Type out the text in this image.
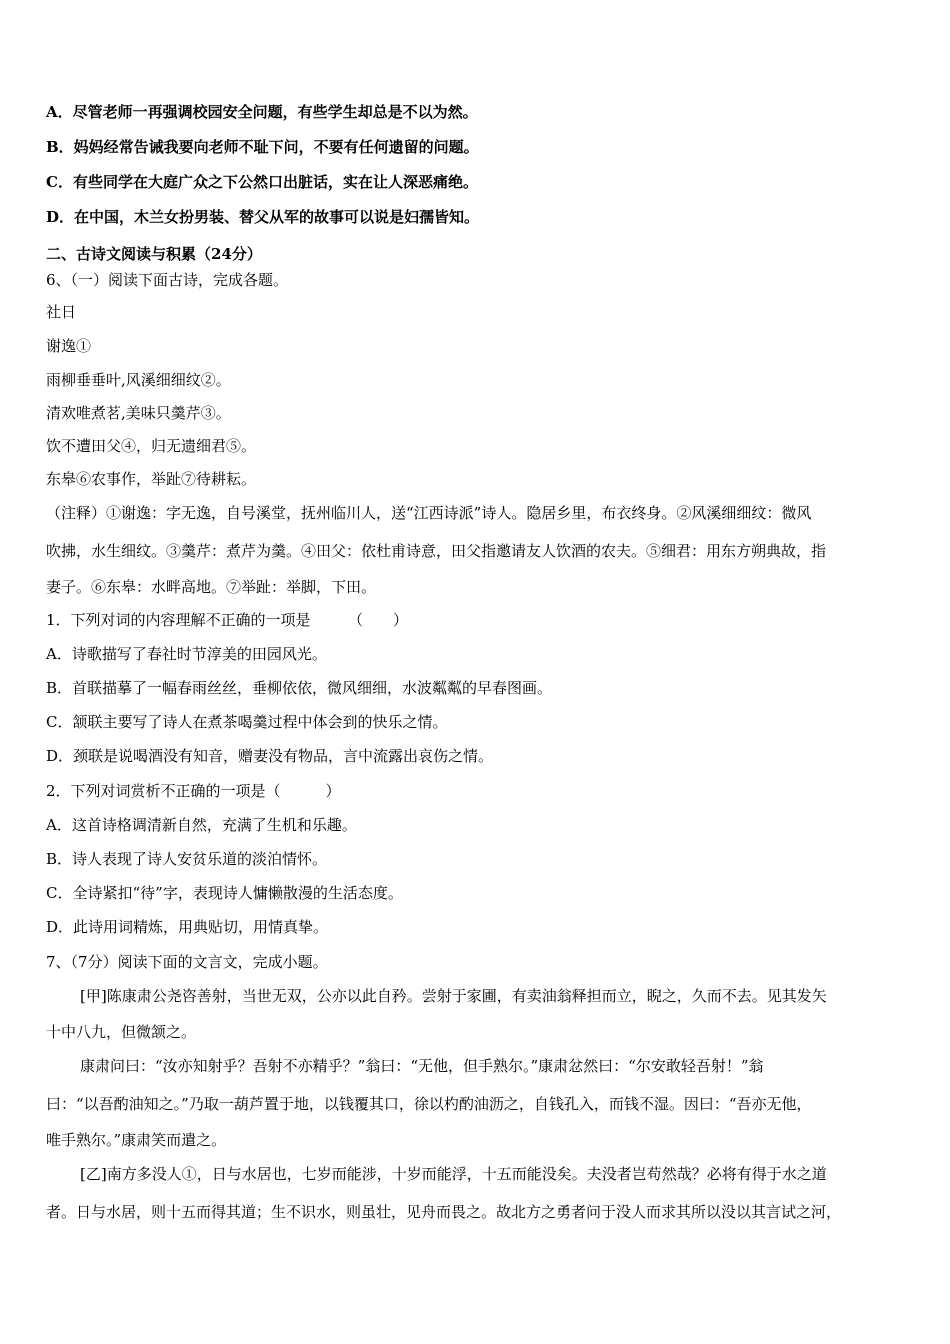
A．尽管老师一再强调校园安全问题，有些学生却总是不以为然。
B．妈妈经常告诫我要向老师不耻下问，不要有任何遗留的问题。
C．有些同学在大庭广众之下公然口出脏话，实在让人深恶痛绝。
D．在中国，木兰女扮男装、替父从军的故事可以说是妇孺皆知。
二、古诗文阅读与积累（24分）
6、（一）阅读下面古诗，完成各题。
社日
谢逸①
雨柳垂垂叶,风溪细细纹②。
清欢唯煮茗,美味只羹芹③。
饮不遭田父④，归无遗细君⑤。
东皋⑥农事作，举趾⑦待耕耘。
（注释）①谢逸：字无逸，自号溪堂，抚州临川人，送“江西诗派”诗人。隐居乡里，布衣终身。②风溪细细纹：微风
吹拂，水生细纹。③羹芹：煮芹为羹。④田父：依杜甫诗意，田父指邀请友人饮酒的农夫。⑤细君：用东方朔典故，指
妻子。⑥东皋：水畔高地。⑦举趾：举脚，下田。
1．下列对词的内容理解不正确的一项是　　　（　　）
A．诗歌描写了春社时节淳美的田园风光。
B．首联描摹了一幅春雨丝丝，垂柳依依，微风细细，水波粼粼的早春图画。
C．颔联主要写了诗人在煮茶喝羹过程中体会到的快乐之情。
D．颈联是说喝酒没有知音，赠妻没有物品，言中流露出哀伤之情。
2．下列对词赏析不正确的一项是（　　　）
A．这首诗格调清新自然，充满了生机和乐趣。
B．诗人表现了诗人安贫乐道的淡泊情怀。
C．全诗紧扣“待”字，表现诗人慵懒散漫的生活态度。
D．此诗用词精炼，用典贴切，用情真挚。
7、（7分）阅读下面的文言文，完成小题。
[甲]陈康肃公尧咨善射，当世无双，公亦以此自矜。尝射于家圃，有卖油翁释担而立，睨之，久而不去。见其发矢
十中八九，但微颔之。
康肃问曰：“汝亦知射乎？吾射不亦精乎？”翁曰：“无他，但手熟尔。”康肃忿然曰：“尔安敢轻吾射！”翁
曰：“以吾酌油知之。”乃取一葫芦置于地，以钱覆其口，徐以杓酌油沥之，自钱孔入，而钱不湿。因曰：“吾亦无他，
唯手熟尔。”康肃笑而遣之。
[乙]南方多没人①，日与水居也，七岁而能涉，十岁而能浮，十五而能没矣。夫没者岂苟然哉？必将有得于水之道
者。日与水居，则十五而得其道；生不识水，则虽壮，见舟而畏之。故北方之勇者问于没人而求其所以没以其言试之河，
